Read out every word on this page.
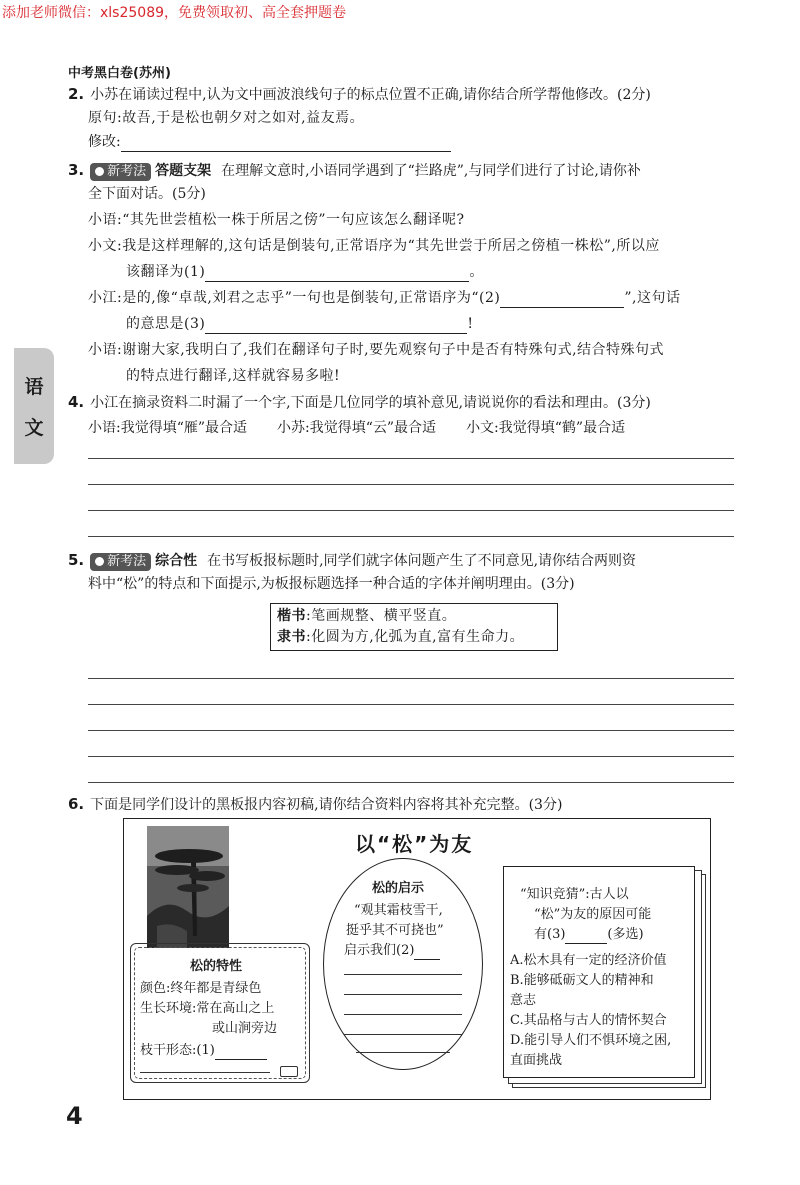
添加老师微信：xls25089，免费领取初、高全套押题卷
中考黑白卷(苏州)
语
文
2. 小苏在诵读过程中,认为文中画波浪线句子的标点位置不正确,请你结合所学帮他修改。(2分)
原句:故吾,于是松也朝夕对之如对,益友焉。
修改:
3. 新考法 答题支架 在理解文意时,小语同学遇到了“拦路虎”,与同学们进行了讨论,请你补
全下面对话。(5分)
小语:“其先世尝植松一株于所居之傍”一句应该怎么翻译呢?
小文:我是这样理解的,这句话是倒装句,正常语序为“其先世尝于所居之傍植一株松”,所以应
该翻译为(1)	。
小江:是的,像“卓哉,刘君之志乎”一句也是倒装句,正常语序为“(2)	”,这句话
的意思是(3)	!
小语:谢谢大家,我明白了,我们在翻译句子时,要先观察句子中是否有特殊句式,结合特殊句式
的特点进行翻译,这样就容易多啦!
4. 小江在摘录资料二时漏了一个字,下面是几位同学的填补意见,请说说你的看法和理由。(3分)
小语:我觉得填“雁”最合适 小苏:我觉得填“云”最合适 小文:我觉得填“鹤”最合适
5. 新考法 综合性 在书写板报标题时,同学们就字体问题产生了不同意见,请你结合两则资
料中“松”的特点和下面提示,为板报标题选择一种合适的字体并阐明理由。(3分)
楷书:笔画规整、横平竖直。
隶书:化圆为方,化弧为直,富有生命力。
6. 下面是同学们设计的黑板报内容初稿,请你结合资料内容将其补充完整。(3分)
以“松”为友
松的特性
颜色:终年都是青绿色
生长环境:常在高山之上
或山涧旁边
枝干形态:(1)
松的启示
“观其霜枝雪干,
挺乎其不可挠也”
启示我们(2)
“知识竞猜”:古人以
“松”为友的原因可能
有(3)	(多选)
A.松木具有一定的经济价值
B.能够砥砺文人的精神和
意志
C.其品格与古人的情怀契合
D.能引导人们不惧环境之困,
直面挑战
4
